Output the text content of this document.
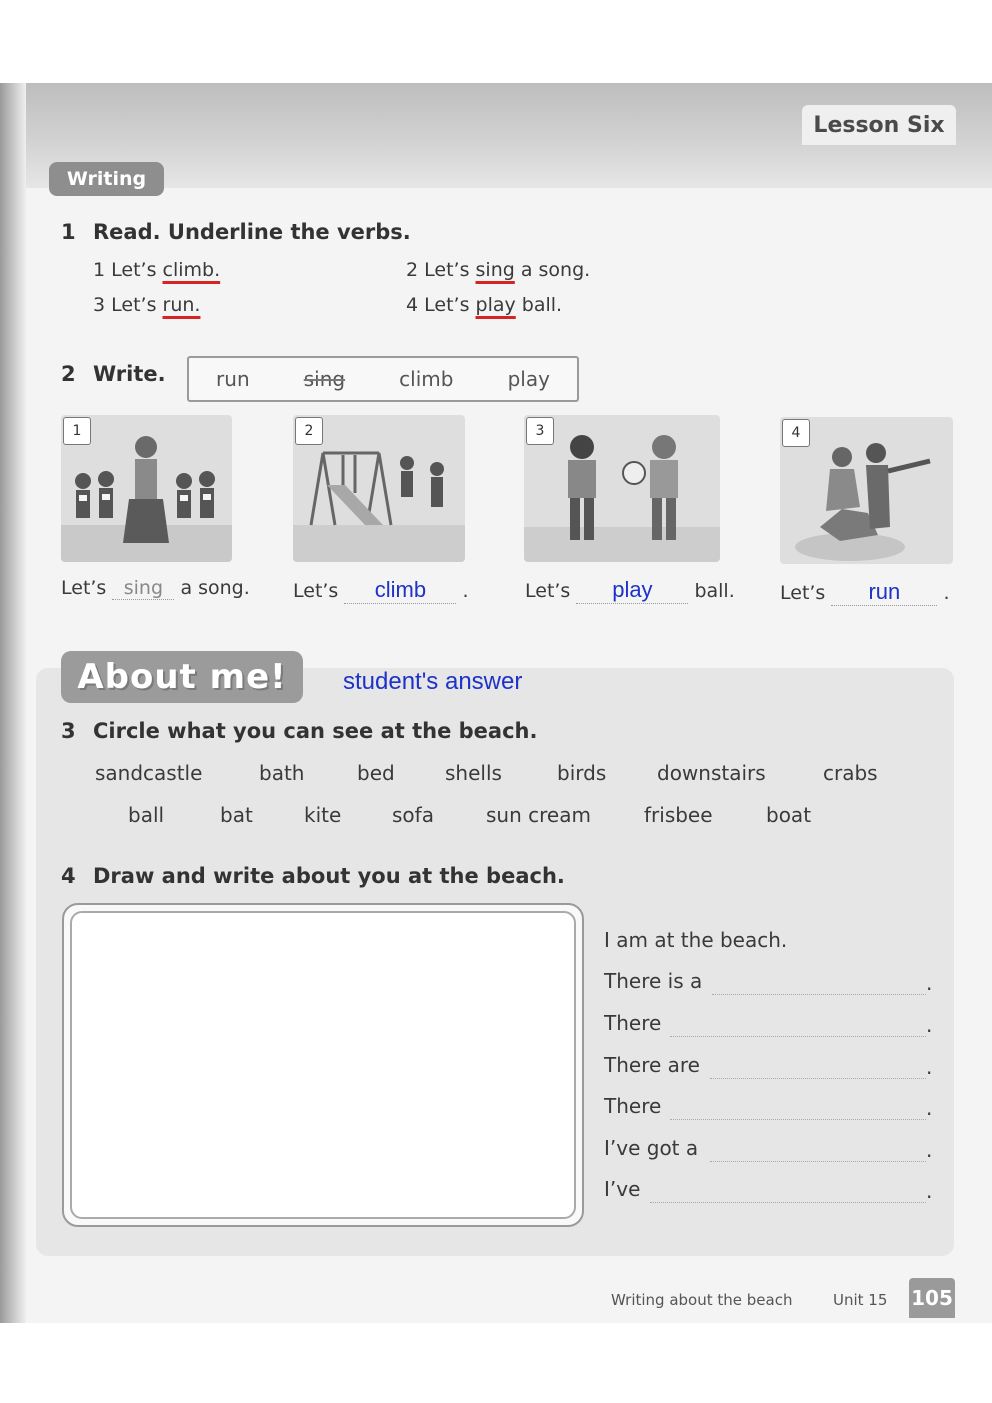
Lesson Six
Writing
1 Read. Underline the verbs.
1 Let’s climb.	2 Let’s sing a song.
3 Let’s run.	4 Let’s play ball.
2 Write.	run	sing	climb	play
1	2	3	4
Let’s sing a song. Let’s climb .	Let’s play ball. Let’s run .
About me!	student's answer
3 Circle what you can see at the beach.
sandcastle	bath	bed	shells	birds	downstairs	crabs
ball	bat	kite	sofa	sun cream	frisbee	boat
4 Draw and write about you at the beach.
I am at the beach.
There is a	.
There	.
There are	.
There	.
I’ve got a	.
I’ve	.
Writing about the beach	Unit 15 105
